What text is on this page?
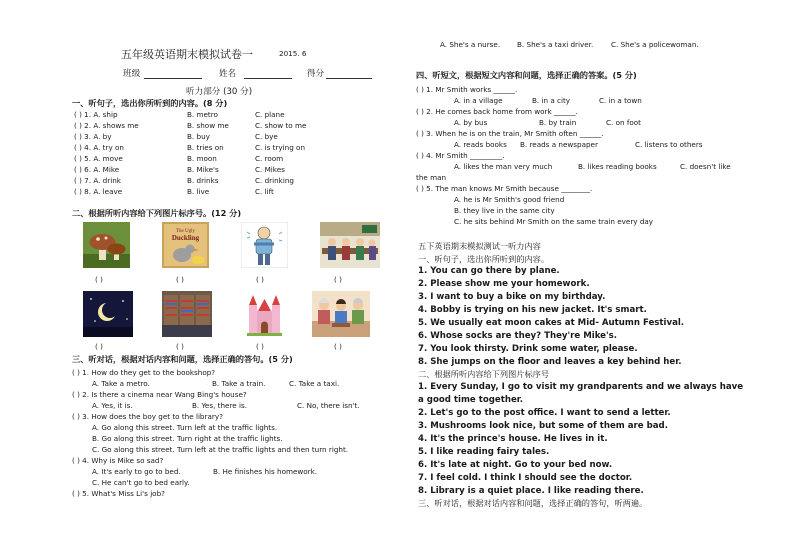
五年级英语期末模拟试卷一	2015. 6
班级	姓名	得分
听力部分 (30 分)
一、听句子，选出你所听到的内容。(8 分)
( ) 1. A. ship	B. metro	C. plane
( ) 2. A. shows me	B. show me	C. show to me
( ) 3. A. by	B. buy	C. bye
( ) 4. A. try on	B. tries on	C. is trying on
( ) 5. A. move	B. moon	C. room
( ) 6. A. Mike	B. Mike's	C. Mikes
( ) 7. A. drink	B. drinks	C. drinking
( ) 8. A. leave	B. live	C. lift
二、根据所听内容给下列图片标序号。(12 分)
The Ugly
Duckling
( )	( )	( )	( )
( )	( )	( )	( )
三、听对话，根据对话内容和问题，选择正确的答句。(5 分)
( ) 1. How do they get to the bookshop?
A. Take a metro.	B. Take a train.	C. Take a taxi.
( ) 2. Is there a cinema near Wang Bing's house?
A. Yes, it is.	B. Yes, there is.	C. No, there isn't.
( ) 3. How does the boy get to the library?
A. Go along this street. Turn left at the traffic lights.
B. Go along this street. Turn right at the traffic lights.
C. Go along this street. Turn left at the traffic lights and then turn right.
( ) 4. Why is Mike so sad?
A. It's early to go to bed.	B. He finishes his homework.
C. He can't go to bed early.
( ) 5. What's Miss Li's job?
A. She's a nurse. B. She's a taxi driver. C. She's a policewoman.
四、听短文，根据短文内容和问题，选择正确的答案。(5 分)
( ) 1. Mr Smith works ______.
A. in a village	B. in a city	C. in a town
( ) 2. He comes back home from work ______.
A. by bus	B. by train	C. on foot
( ) 3. When he is on the train, Mr Smith often ______.
A. reads books B. reads a newspaper	C. listens to others
( ) 4. Mr Smith _________.
A. likes the man very much	B. likes reading books	C. doesn't like
the man
( ) 5. The man knows Mr Smith because ________.
A. he is Mr Smith's good friend
B. they live in the same city
C. he sits behind Mr Smith on the same train every day
五下英语期末模拟测试一听力内容
一、听句子，选出你所听到的内容。
1. You can go there by plane.
2. Please show me your homework.
3. I want to buy a bike on my birthday.
4. Bobby is trying on his new jacket. It's smart.
5. We usually eat moon cakes at Mid- Autumn Festival.
6. Whose socks are they? They're Mike's.
7. You look thirsty. Drink some water, please.
8. She jumps on the floor and leaves a key behind her.
二、根据所听内容给下列图片标序号
1. Every Sunday, I go to visit my grandparents and we always have
a good time together.
2. Let's go to the post office. I want to send a letter.
3. Mushrooms look nice, but some of them are bad.
4. It's the prince's house. He lives in it.
5. I like reading fairy tales.
6. It's late at night. Go to your bed now.
7. I feel cold. I think I should see the doctor.
8. Library is a quiet place. I like reading there.
三、听对话，根据对话内容和问题，选择正确的答句，听两遍。
